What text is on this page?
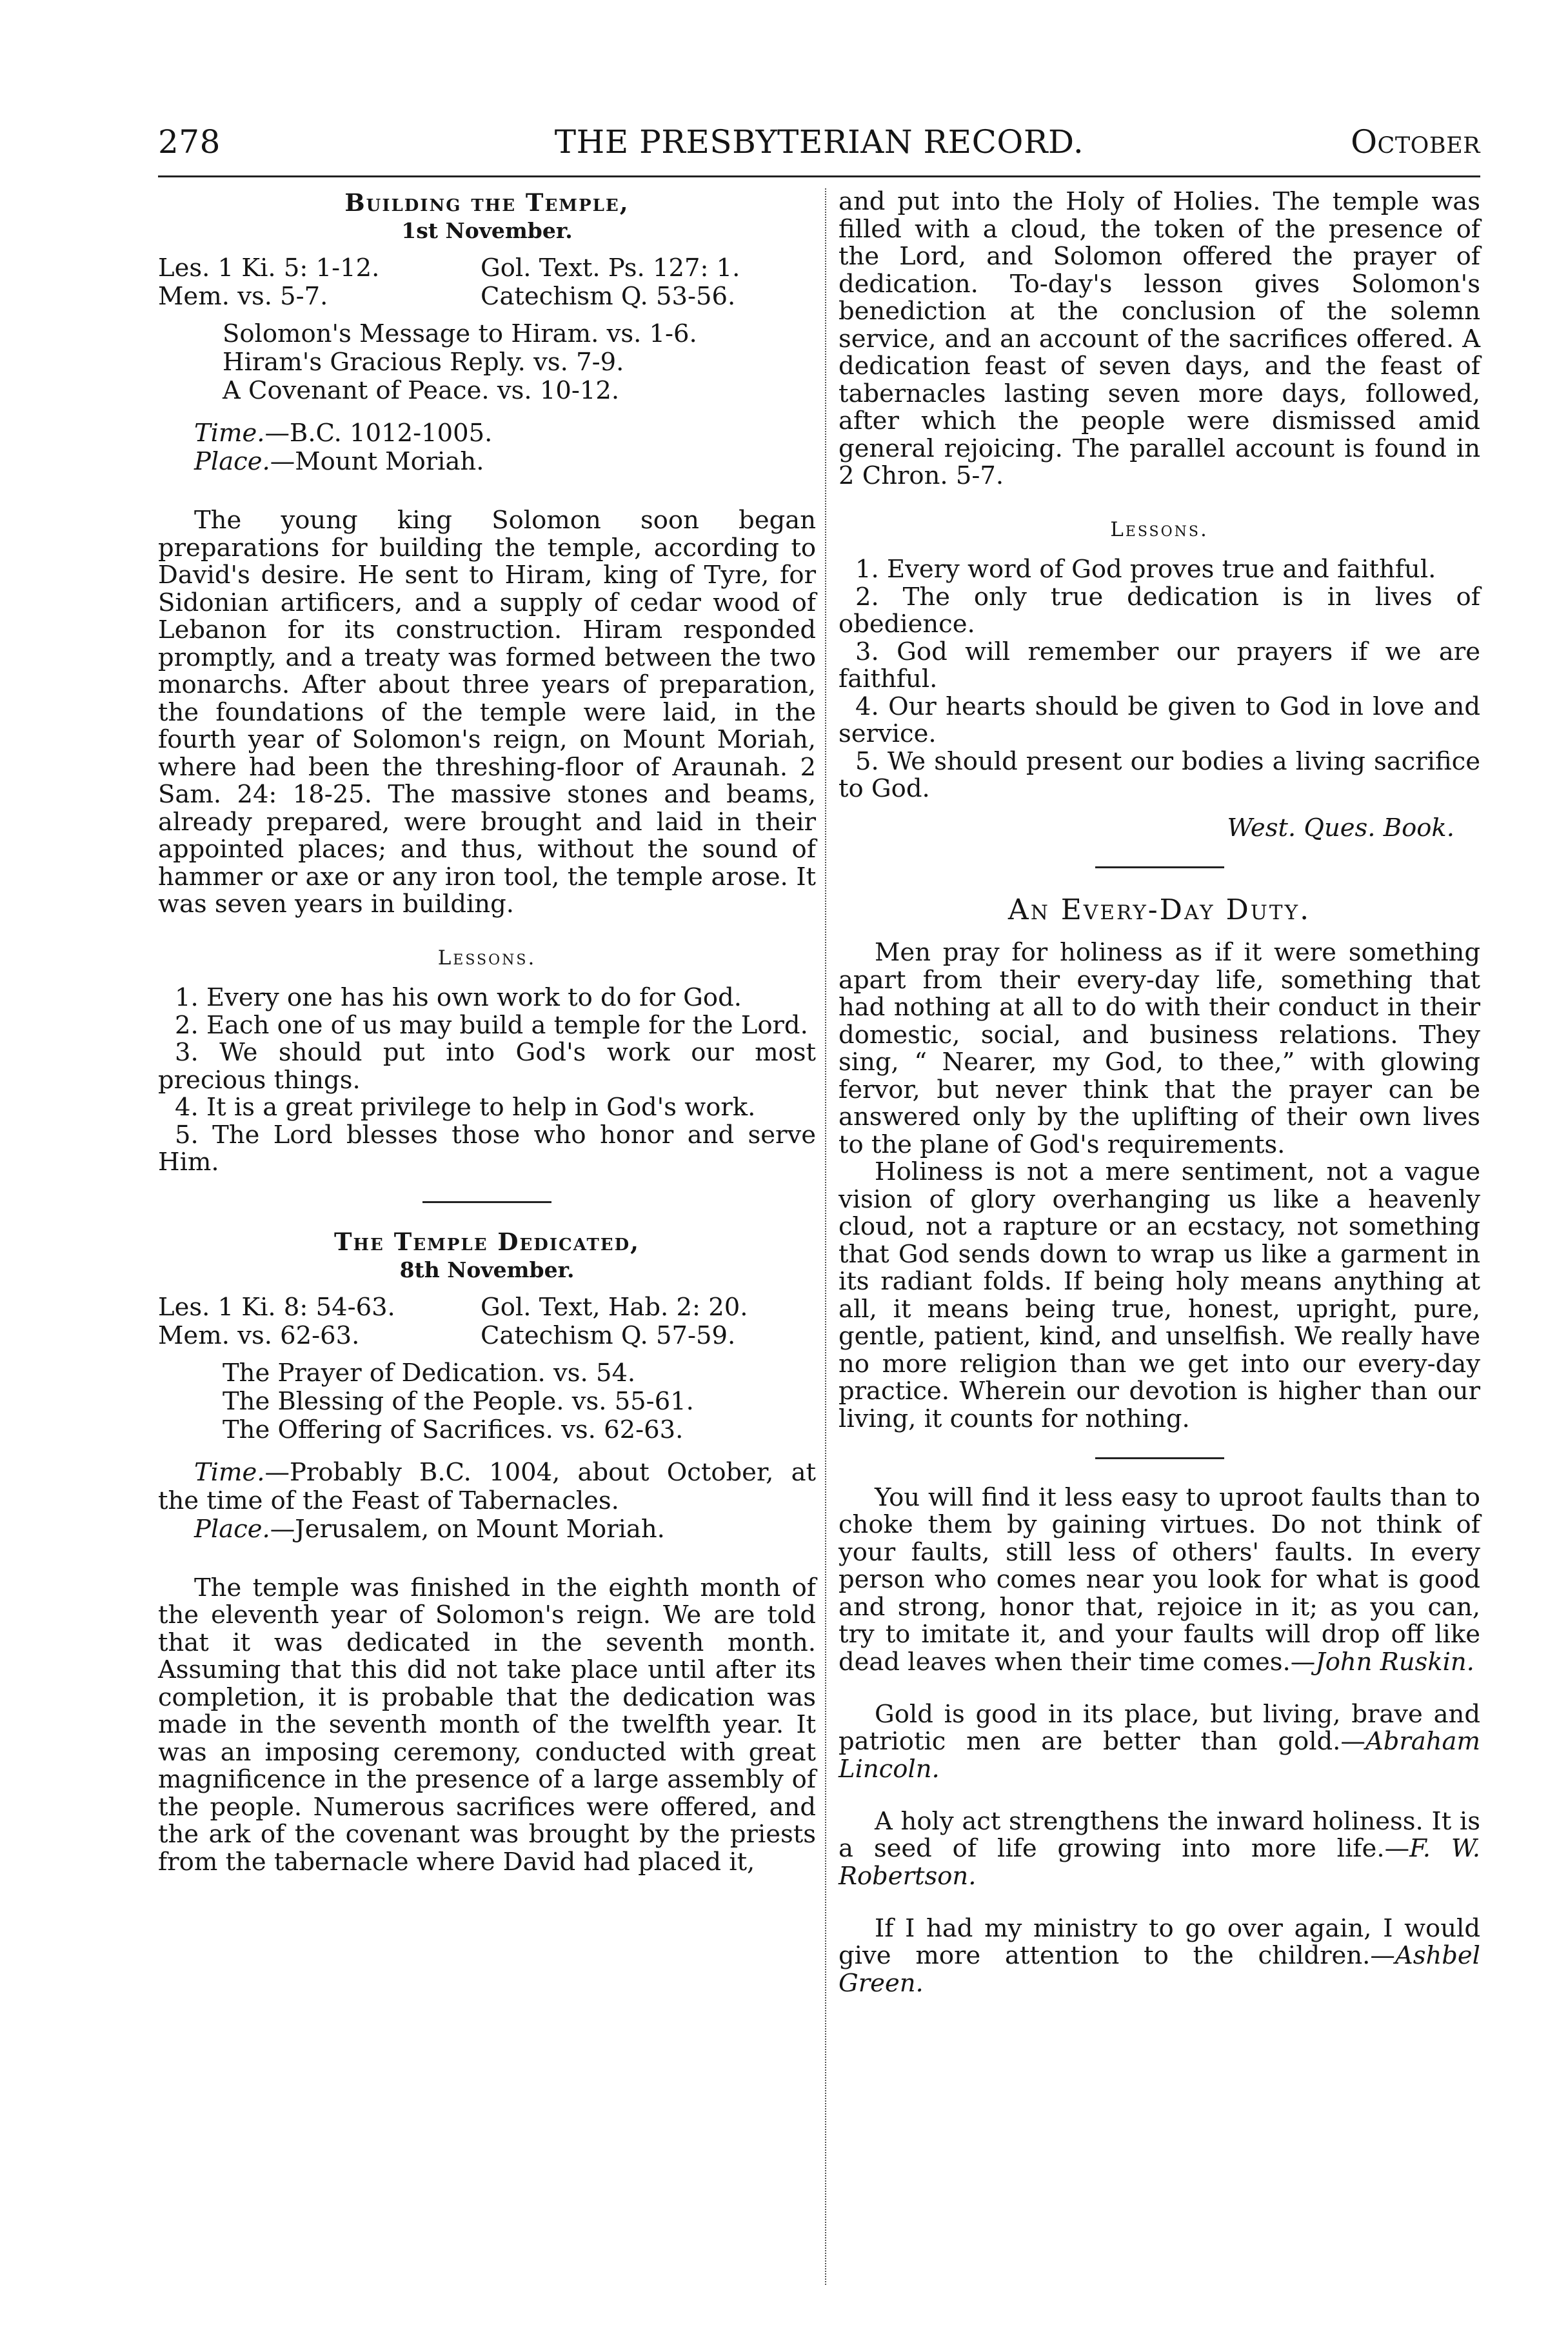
278	THE PRESBYTERIAN RECORD.	October
Building the Temple,
1st November.
Les. 1 Ki. 5: 1-12.	Gol. Text. Ps. 127: 1.
Mem. vs. 5-7.	Catechism Q. 53-56.
Solomon's Message to Hiram. vs. 1-6.
Hiram's Gracious Reply. vs. 7-9.
A Covenant of Peace. vs. 10-12.
Time.—B.C. 1012-1005.
Place.—Mount Moriah.

The young king Solomon soon began preparations for building the temple, according to David's desire. He sent to Hiram, king of Tyre, for Sidonian artificers, and a supply of cedar wood of Lebanon for its construction. Hiram responded promptly, and a treaty was formed between the two monarchs. After about three years of preparation, the foundations of the temple were laid, in the fourth year of Solomon's reign, on Mount Moriah, where had been the threshing-floor of Araunah. 2 Sam. 24: 18-25. The massive stones and beams, already prepared, were brought and laid in their appointed places; and thus, without the sound of hammer or axe or any iron tool, the temple arose. It was seven years in building.

Lessons.
1. Every one has his own work to do for God.
2. Each one of us may build a temple for the Lord.
3. We should put into God's work our most precious things.
4. It is a great privilege to help in God's work.
5. The Lord blesses those who honor and serve Him.
The Temple Dedicated,
8th November.
Les. 1 Ki. 8: 54-63.	Gol. Text, Hab. 2: 20.
Mem. vs. 62-63.	Catechism Q. 57-59.
The Prayer of Dedication. vs. 54.
The Blessing of the People. vs. 55-61.
The Offering of Sacrifices. vs. 62-63.
Time.—Probably B.C. 1004, about October, at the time of the Feast of Tabernacles.
Place.—Jerusalem, on Mount Moriah.

The temple was finished in the eighth month of the eleventh year of Solomon's reign. We are told that it was dedicated in the seventh month. Assuming that this did not take place until after its completion, it is probable that the dedication was made in the seventh month of the twelfth year. It was an imposing ceremony, conducted with great magnificence in the presence of a large assembly of the people. Numerous sacrifices were offered, and the ark of the covenant was brought by the priests from the tabernacle where David had placed it,

and put into the Holy of Holies. The temple was filled with a cloud, the token of the presence of the Lord, and Solomon offered the prayer of dedication. To-day's lesson gives Solomon's benediction at the conclusion of the solemn service, and an account of the sacrifices offered. A dedication feast of seven days, and the feast of tabernacles lasting seven more days, followed, after which the people were dismissed amid general rejoicing. The parallel account is found in 2 Chron. 5-7.

Lessons.
1. Every word of God proves true and faithful.
2. The only true dedication is in lives of obedience.
3. God will remember our prayers if we are faithful.
4. Our hearts should be given to God in love and service.
5. We should present our bodies a living sacrifice to God.
West. Ques. Book.
An Every-Day Duty.

Men pray for holiness as if it were something apart from their every-day life, something that had nothing at all to do with their conduct in their domestic, social, and business relations. They sing, “ Nearer, my God, to thee,” with glowing fervor, but never think that the prayer can be answered only by the uplifting of their own lives to the plane of God's requirements.

Holiness is not a mere sentiment, not a vague vision of glory overhanging us like a heavenly cloud, not a rapture or an ecstacy, not something that God sends down to wrap us like a garment in its radiant folds. If being holy means anything at all, it means being true, honest, upright, pure, gentle, patient, kind, and unselfish. We really have no more religion than we get into our every-day practice. Wherein our devotion is higher than our living, it counts for nothing.

You will find it less easy to uproot faults than to choke them by gaining virtues. Do not think of your faults, still less of others' faults. In every person who comes near you look for what is good and strong, honor that, rejoice in it; as you can, try to imitate it, and your faults will drop off like dead leaves when their time comes.—John Ruskin.

Gold is good in its place, but living, brave and patriotic men are better than gold.—Abraham Lincoln.

A holy act strengthens the inward holiness. It is a seed of life growing into more life.—F. W. Robertson.

If I had my ministry to go over again, I would give more attention to the children.—Ashbel Green.
